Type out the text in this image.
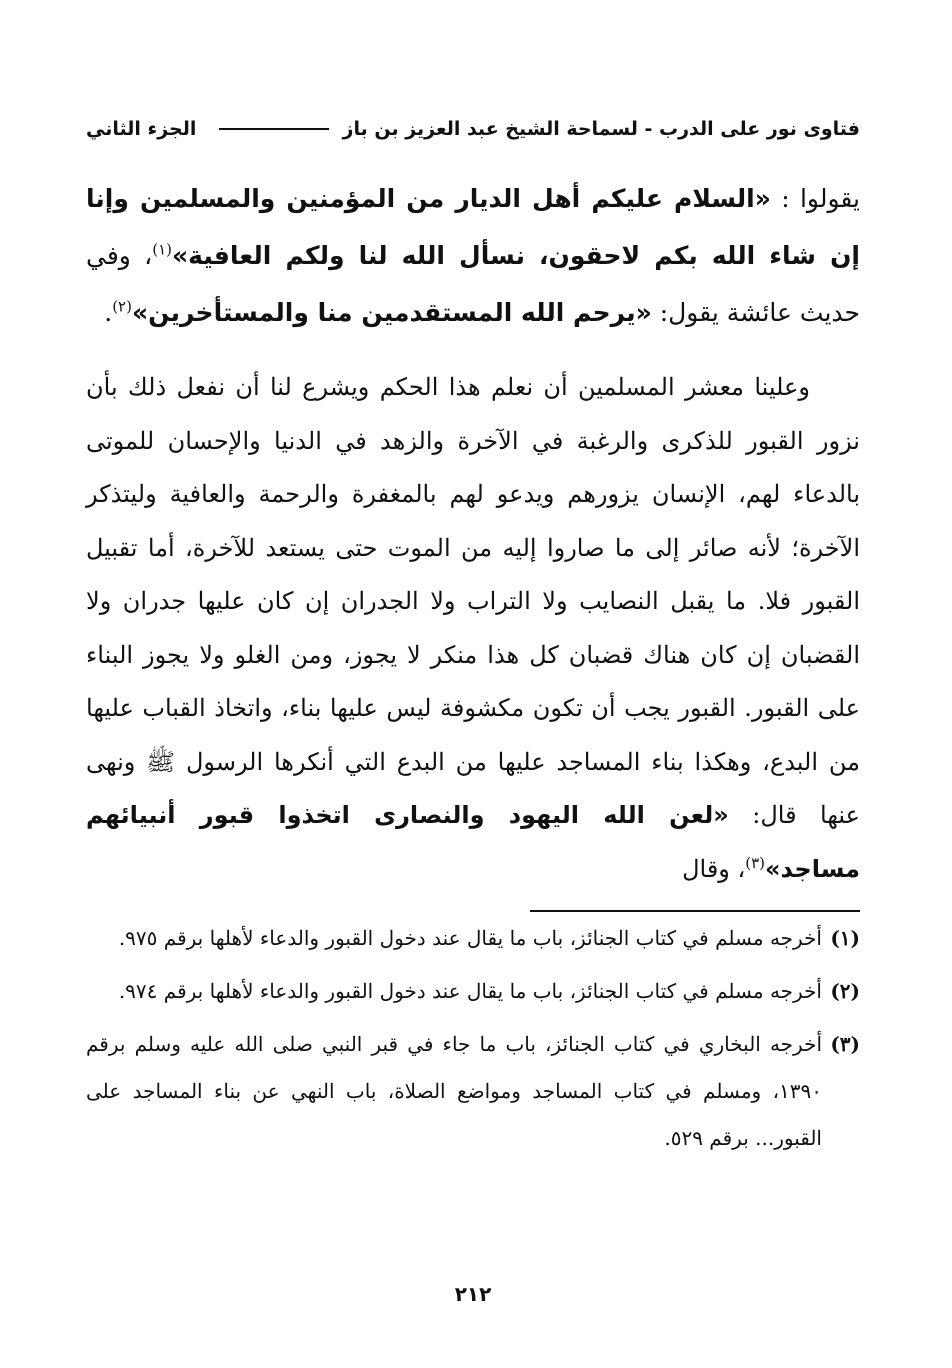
فتاوى نور على الدرب - لسماحة الشيخ عبد العزيز بن باز
الجزء الثاني

يقولوا : «السلام عليكم أهل الديار من المؤمنين والمسلمين وإنا إن شاء الله بكم لاحقون، نسأل الله لنا ولكم العافية»$^{(١)}$، وفي حديث عائشة يقول: «يرحم الله المستقدمين منا والمستأخرين»$^{(٢)}$.

وعلينا معشر المسلمين أن نعلم هذا الحكم ويشرع لنا أن نفعل ذلك بأن نزور القبور للذكرى والرغبة في الآخرة والزهد في الدنيا والإحسان للموتى بالدعاء لهم، الإنسان يزورهم ويدعو لهم بالمغفرة والرحمة والعافية وليتذكر الآخرة؛ لأنه صائر إلى ما صاروا إليه من الموت حتى يستعد للآخرة، أما تقبيل القبور فلا. ما يقبل النصايب ولا التراب ولا الجدران إن كان عليها جدران ولا القضبان إن كان هناك قضبان كل هذا منكر لا يجوز، ومن الغلو ولا يجوز البناء على القبور. القبور يجب أن تكون مكشوفة ليس عليها بناء، واتخاذ القباب عليها من البدع، وهكذا بناء المساجد عليها من البدع التي أنكرها الرسول ﷺ ونهى عنها قال: «لعن الله اليهود والنصارى اتخذوا قبور أنبيائهم مساجد»$^{(٣)}$، وقال

(١)
أخرجه مسلم في كتاب الجنائز، باب ما يقال عند دخول القبور والدعاء لأهلها برقم ٩٧٥.
(٢)
أخرجه مسلم في كتاب الجنائز، باب ما يقال عند دخول القبور والدعاء لأهلها برقم ٩٧٤.
(٣)
أخرجه البخاري في كتاب الجنائز، باب ما جاء في قبر النبي صلى الله عليه وسلم برقم ١٣٩٠، ومسلم في كتاب المساجد ومواضع الصلاة، باب النهي عن بناء المساجد على القبور... برقم ٥٢٩.
٢١٢
